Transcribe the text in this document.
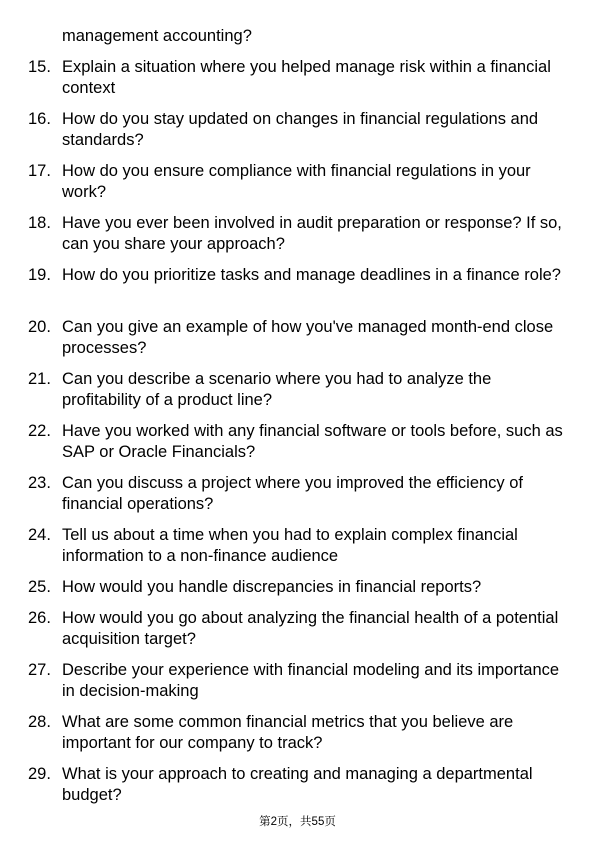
management accounting?

15. Explain a situation where you helped manage risk within a financial context
16. How do you stay updated on changes in financial regulations and standards?
17. How do you ensure compliance with financial regulations in your work?
18. Have you ever been involved in audit preparation or response? If so, can you share your approach?
19. How do you prioritize tasks and manage deadlines in a finance role?
20. Can you give an example of how you've managed month-end close processes?
21. Can you describe a scenario where you had to analyze the profitability of a product line?
22. Have you worked with any financial software or tools before, such as SAP or Oracle Financials?
23. Can you discuss a project where you improved the efficiency of financial operations?
24. Tell us about a time when you had to explain complex financial information to a non-finance audience
25. How would you handle discrepancies in financial reports?
26. How would you go about analyzing the financial health of a potential acquisition target?
27. Describe your experience with financial modeling and its importance in decision-making
28. What are some common financial metrics that you believe are important for our company to track?
29. What is your approach to creating and managing a departmental budget?
第2页，共55页
